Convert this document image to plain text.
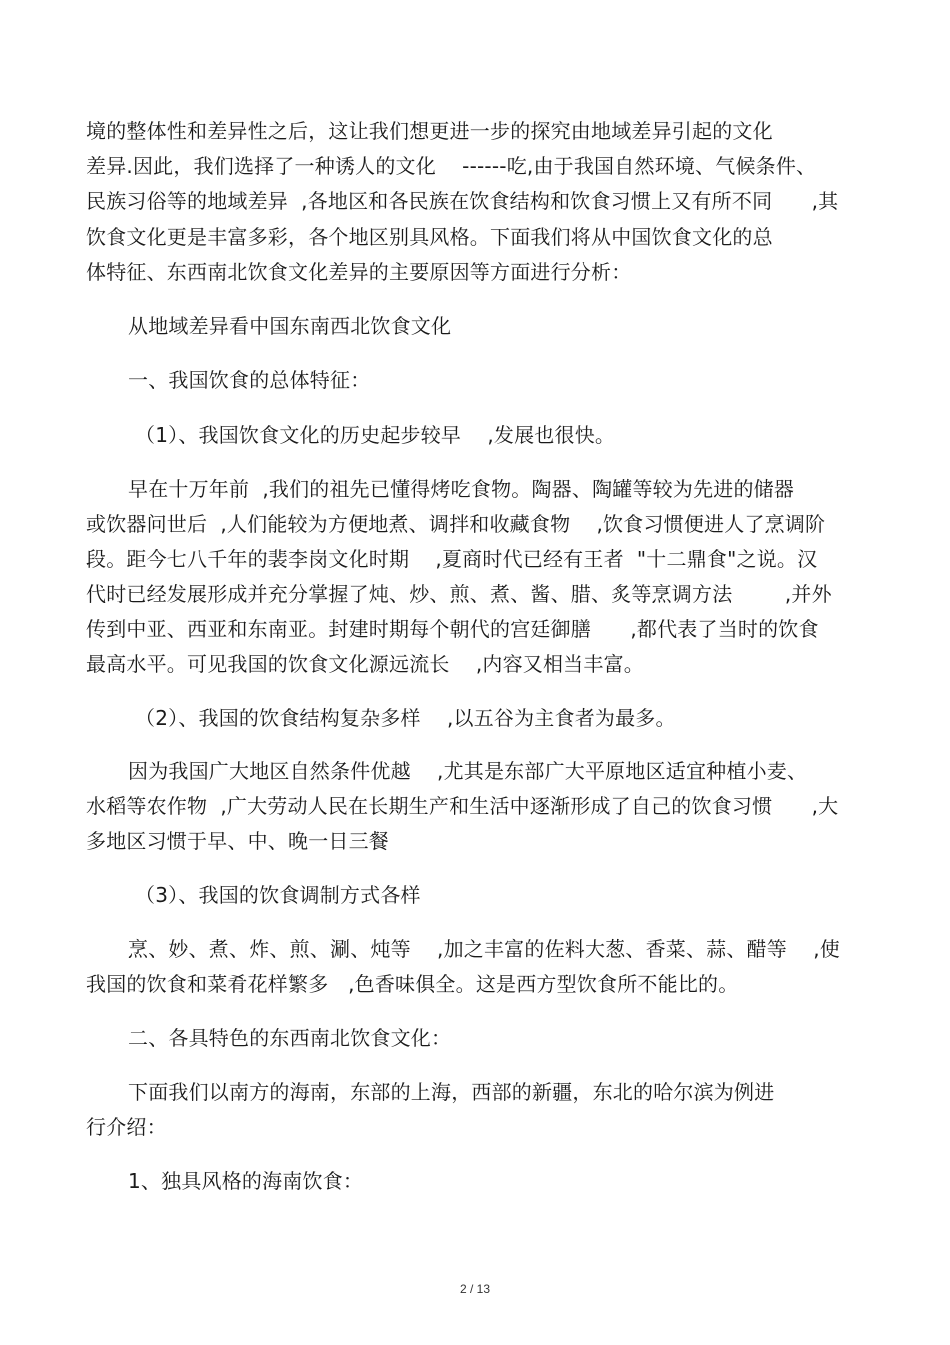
境的整体性和差异性之后，这让我们想更进一步的探究由地域差异引起的文化
差异.因此，我们选择了一种诱人的文化    ------吃,由于我国自然环境、气候条件、
民族习俗等的地域差异  ,各地区和各民族在饮食结构和饮食习惯上又有所不同      ,其
饮食文化更是丰富多彩，各个地区别具风格。下面我们将从中国饮食文化的总
体特征、东西南北饮食文化差异的主要原因等方面进行分析：
从地域差异看中国东南西北饮食文化
一、我国饮食的总体特征：
（1）、我国饮食文化的历史起步较早    ,发展也很快。
早在十万年前  ,我们的祖先已懂得烤吃食物。陶器、陶罐等较为先进的储器
或饮器问世后  ,人们能较为方便地煮、调拌和收藏食物    ,饮食习惯便进人了烹调阶
段。距今七八千年的裴李岗文化时期    ,夏商时代已经有王者  "十二鼎食"之说。汉
代时已经发展形成并充分掌握了炖、炒、煎、煮、酱、腊、炙等烹调方法        ,并外
传到中亚、西亚和东南亚。封建时期每个朝代的宫廷御膳      ,都代表了当时的饮食
最高水平。可见我国的饮食文化源远流长    ,内容又相当丰富。
（2）、我国的饮食结构复杂多样    ,以五谷为主食者为最多。
因为我国广大地区自然条件优越    ,尤其是东部广大平原地区适宜种植小麦、
水稻等农作物  ,广大劳动人民在长期生产和生活中逐渐形成了自己的饮食习惯      ,大
多地区习惯于早、中、晚一日三餐
（3）、我国的饮食调制方式各样
烹、妙、煮、炸、煎、涮、炖等    ,加之丰富的佐料大葱、香菜、蒜、醋等    ,使
我国的饮食和菜肴花样繁多   ,色香味俱全。这是西方型饮食所不能比的。
二、各具特色的东西南北饮食文化：
下面我们以南方的海南，东部的上海，西部的新疆，东北的哈尔滨为例进
行介绍：
1、独具风格的海南饮食：
2 / 13
